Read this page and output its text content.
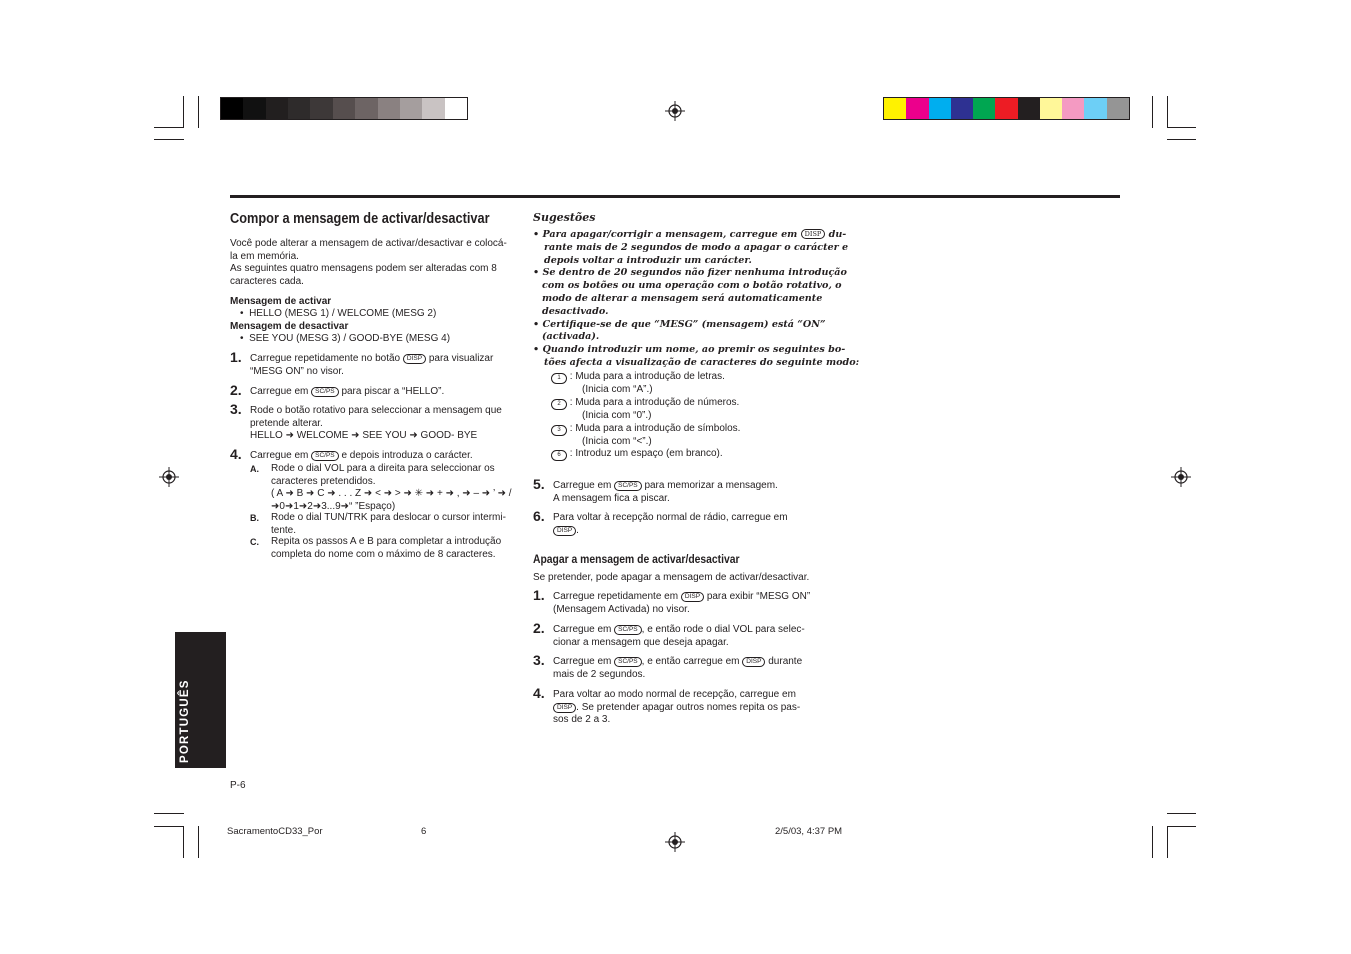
Compor a mensagem de activar/desactivar
Você pode alterar a mensagem de activar/desactivar e colocá-
la em memória.
As seguintes quatro mensagens podem ser alteradas com 8
caracteres cada.
Mensagem de activar
•  HELLO (MESG 1) / WELCOME (MESG 2)
Mensagem de desactivar
•  SEE YOU (MESG 3) / GOOD-BYE (MESG 4)
1. Carregue repetidamente no botão DISP para visualizar
“MESG ON” no visor.
2. Carregue em SC/PS para piscar a “HELLO”.
3. Rode o botão rotativo para seleccionar a mensagem que
pretende alterar.
HELLO ➜ WELCOME ➜ SEE YOU ➜ GOOD- BYE
4. Carregue em SC/PS e depois introduza o carácter.
A. Rode o dial VOL para a direita para seleccionar os
caracteres pretendidos.
( A ➜ B ➜ C ➜ . . . Z ➜ < ➜ > ➜ ✳ ➜ + ➜ , ➜ – ➜ ’ ➜ /
➜0➜1➜2➜3...9➜“ ”Espaço)
B. Rode o dial TUN/TRK para deslocar o cursor intermi-
tente.
C. Repita os passos A e B para completar a introdução
completa do nome com o máximo de 8 caracteres.
Sugestões
• Para apagar/corrigir a mensagem, carregue em DISP du-
rante mais de 2 segundos de modo a apagar o carácter e
depois voltar a introduzir um carácter.
• Se dentro de 20 segundos não fizer nenhuma introdução
com os botões ou uma operação com o botão rotativo, o
modo de alterar a mensagem será automaticamente
desactivado.
• Certifique-se de que “MESG” (mensagem) está “ON”
(activada).
• Quando introduzir um nome, ao premir os seguintes bo-
tões afecta a visualização de caracteres do seguinte modo:
1 : Muda para a introdução de letras.
(Inicia com “A”.)
2 : Muda para a introdução de números.
(Inicia com “0”.)
3 : Muda para a introdução de símbolos.
(Inicia com “<”.)
6 : Introduz um espaço (em branco).
5. Carregue em SC/PS para memorizar a mensagem.
A mensagem fica a piscar.
6. Para voltar à recepção normal de rádio, carregue em
DISP .
Apagar a mensagem de activar/desactivar
Se pretender, pode apagar a mensagem de activar/desactivar.
1. Carregue repetidamente em DISP para exibir “MESG ON”
(Mensagem Activada) no visor.
2. Carregue em SC/PS , e então rode o dial VOL para selec-
cionar a mensagem que deseja apagar.
3. Carregue em SC/PS , e então carregue em DISP durante
mais de 2 segundos.
4. Para voltar ao modo normal de recepção, carregue em
DISP . Se pretender apagar outros nomes repita os pas-
sos de 2 a 3.
PORTUGUÊS
P-6
SacramentoCD33_Por	6	2/5/03, 4:37 PM
